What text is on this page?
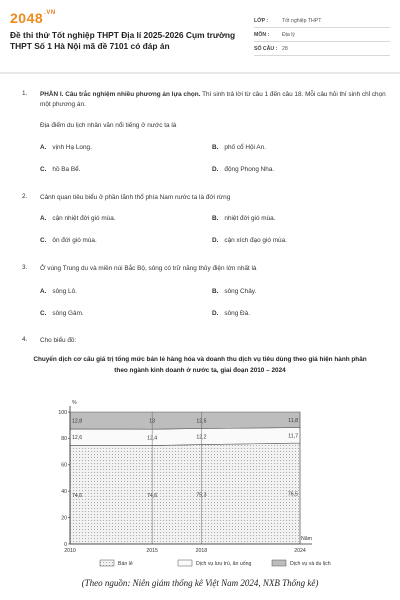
$2048^{.VN}$
Đề thi thử Tốt nghiệp THPT Địa lí 2025-2026 Cụm trường THPT Số 1 Hà Nội mã đề 7101 có đáp án
LỚP :	Tốt nghiệp THPT
MÔN :	Địa lý
SỐ CÂU : 28
1. PHẦN I. Câu trắc nghiệm nhiều phương án lựa chọn. Thí sinh trả lời từ câu 1 đến câu 18. Mỗi câu hỏi thí sinh chỉ chọn một phương án.
Địa điểm du lịch nhân văn nổi tiếng ở nước ta là
A. vịnh Hạ Long.	B. phố cổ Hội An.
C. hồ Ba Bể.	D. động Phong Nha.
2. Cảnh quan tiêu biểu ở phần lãnh thổ phía Nam nước ta là đới rừng
A. cận nhiệt đới gió mùa.	B. nhiệt đới gió mùa.
C. ôn đới gió mùa.	D. cận xích đạo gió mùa.
3. Ở vùng Trung du và miền núi Bắc Bộ, sông có trữ năng thủy điện lớn nhất là
A. sông Lô.	B. sông Chảy.
C. sông Gâm.	D. sông Đà.
4. Cho biểu đồ:
Chuyển dịch cơ cấu giá trị tổng mức bán lẻ hàng hóa và doanh thu dịch vụ tiêu dùng theo giá hiện hành phân theo ngành kinh doanh ở nước ta, giai đoạn 2010 – 2024
74,6	74,6	75,3	76,5
12,6	12,4	12,2	11,7
12,8	13	12,5	11,8
0
20
40
60
80
100
%
2010	2015	2018	2024
Năm
Bán lẻ	Dịch vụ lưu trú, ăn uống	Dịch vụ và du lịch
(Theo nguồn: Niên giám thống kê Việt Nam 2024, NXB Thống kê)
